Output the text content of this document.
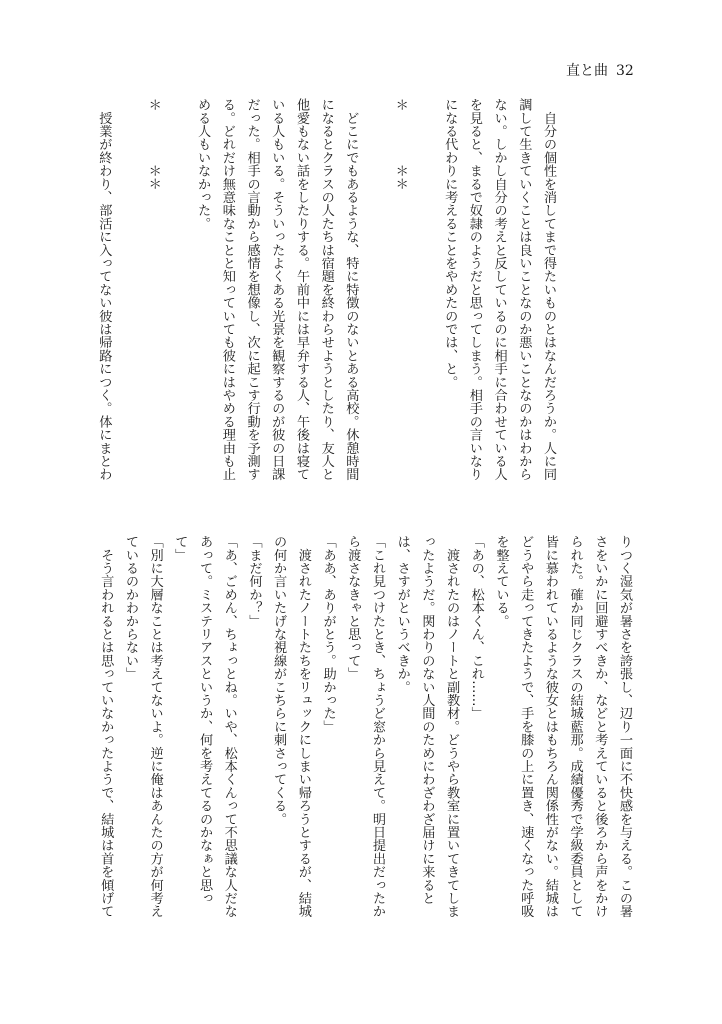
直と曲 32
　自分の個性を消してまで得たいものとはなんだろうか。人に同
調して生きていくことは良いことなのか悪いことなのかはわから
ない。しかし自分の考えと反しているのに相手に合わせている人
を見ると、まるで奴隷のようだと思ってしまう。相手の言いなり
になる代わりに考えることをやめたのでは、と。
＊　　　　＊＊
　どこにでもあるような、特に特徴のないとある高校。休憩時間
になるとクラスの人たちは宿題を終わらせようとしたり、友人と
他愛もない話をしたりする。午前中には早弁する人、午後は寝て
いる人もいる。そういったよくある光景を観察するのが彼の日課
だった。相手の言動から感情を想像し、次に起こす行動を予測す
る。どれだけ無意味なことと知っていても彼にはやめる理由も止
める人もいなかった。
＊　　　　＊＊
　授業が終わり、部活に入ってない彼は帰路につく。体にまとわ
りつく湿気が暑さを誇張し、辺り一面に不快感を与える。この暑
さをいかに回避すべきか、などと考えていると後ろから声をかけ
られた。確か同じクラスの結城藍那。成績優秀で学級委員として
皆に慕われているような彼女とはもちろん関係性がない。結城は
どうやら走ってきたようで、手を膝の上に置き、速くなった呼吸
を整えている。
「あの、松本くん、これ……」
　渡されたのはノートと副教材。どうやら教室に置いてきてしま
ったようだ。関わりのない人間のためにわざわざ届けに来ると
は、さすがというべきか。
「これ見つけたとき、ちょうど窓から見えて。明日提出だったか
ら渡さなきゃと思って」
「ああ、ありがとう。助かった」
　渡されたノートたちをリュックにしまい帰ろうとするが、結城
の何か言いたげな視線がこちらに刺さってくる。
「まだ何か？」
「あ、ごめん、ちょっとね。いや、松本くんって不思議な人だな
あって。ミステリアスというか、何を考えてるのかなぁと思っ
て」
「別に大層なことは考えてないよ。逆に俺はあんたの方が何考え
ているのかわからない」
　そう言われるとは思っていなかったようで、結城は首を傾げて
